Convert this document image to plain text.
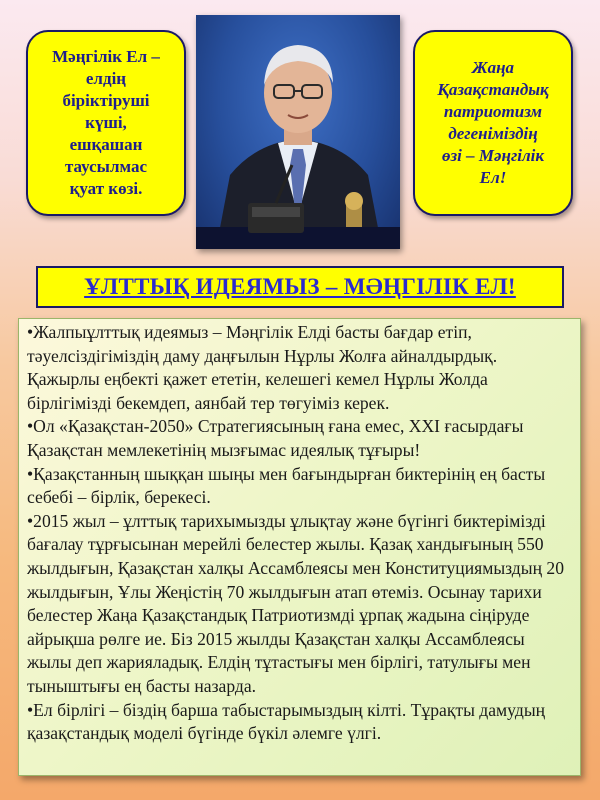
Мәңгілік Ел –
елдің
біріктіруші
күші,
ешқашан
таусылмас
қуат көзі.
Жаңа
Қазақстандық
патриотизм
дегеніміздің
өзі – Мәңгілік
Ел!
ҰЛТТЫҚ ИДЕЯМЫЗ – МӘҢГІЛІК ЕЛ!

•Жалпыұлттық идеямыз – Мәңгілік Елді басты бағдар етіп, тәуелсіздігіміздің даму даңғылын Нұрлы Жолға айналдырдық. Қажырлы еңбекті қажет ететін, келешегі кемел Нұрлы Жолда бірлігімізді бекемдеп, аянбай тер төгуіміз керек.

•Ол «Қазақстан-2050» Стратегиясының ғана емес, XXI ғасырдағы Қазақстан мемлекетінің мызғымас идеялық тұғыры!

•Қазақстанның шыққан шыңы мен бағындырған биктерінің ең басты себебі – бірлік, берекесі.

•2015 жыл – ұлттық тарихымызды ұлықтау және бүгінгі биктерімізді бағалау тұрғысынан мерейлі белестер жылы. Қазақ хандығының 550 жылдығын, Қазақстан халқы Ассамблеясы мен Конституциямыздың 20 жылдығын, Ұлы Жеңістің 70 жылдығын атап өтеміз. Осынау тарихи белестер Жаңа Қазақстандық Патриотизмді ұрпақ жадына сіңіруде айрықша рөлге ие. Біз 2015 жылды Қазақстан халқы Ассамблеясы жылы деп жарияладық. Елдің тұтастығы мен бірлігі, татулығы мен тыныштығы ең басты назарда.

•Ел бірлігі – біздің барша табыстарымыздың кілті. Тұрақты дамудың қазақстандық моделі бүгінде бүкіл әлемге үлгі.
